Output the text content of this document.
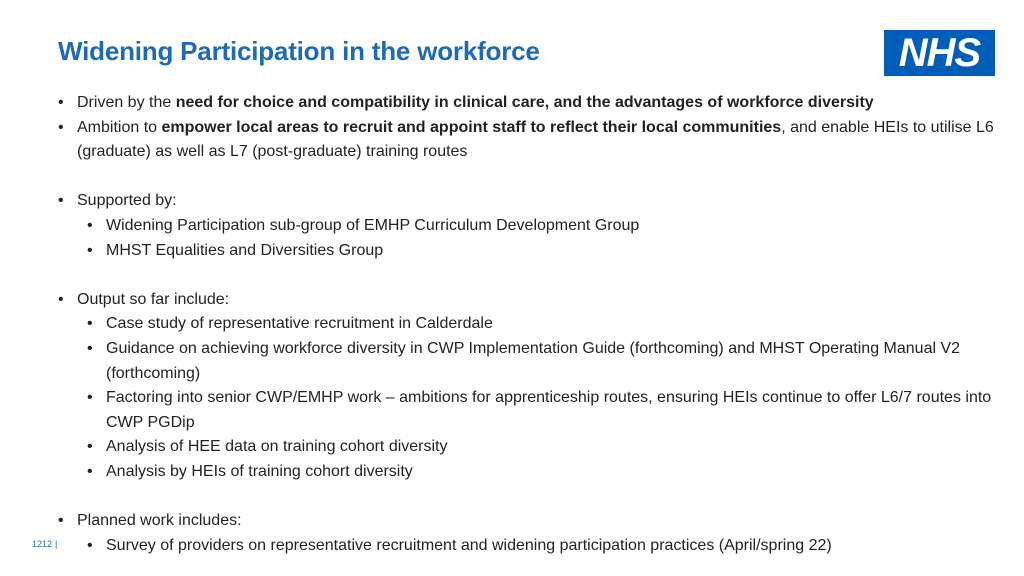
Widening Participation in the workforce	NHS
• Driven by the need for choice and compatibility in clinical care, and the advantages of workforce diversity
• Ambition to empower local areas to recruit and appoint staff to reflect their local communities, and enable HEIs to utilise L6 (graduate) as well as L7 (post-graduate) training routes
• Supported by:
• Widening Participation sub-group of EMHP Curriculum Development Group
• MHST Equalities and Diversities Group
• Output so far include:
• Case study of representative recruitment in Calderdale
• Guidance on achieving workforce diversity in CWP Implementation Guide (forthcoming) and MHST Operating Manual V2 (forthcoming)
• Factoring into senior CWP/EMHP work – ambitions for apprenticeship routes, ensuring HEIs continue to offer L6/7 routes into CWP PGDip
• Analysis of HEE data on training cohort diversity
• Analysis by HEIs of training cohort diversity
• Planned work includes:
• Survey of providers on representative recruitment and widening participation practices (April/spring 22)
1212 |
